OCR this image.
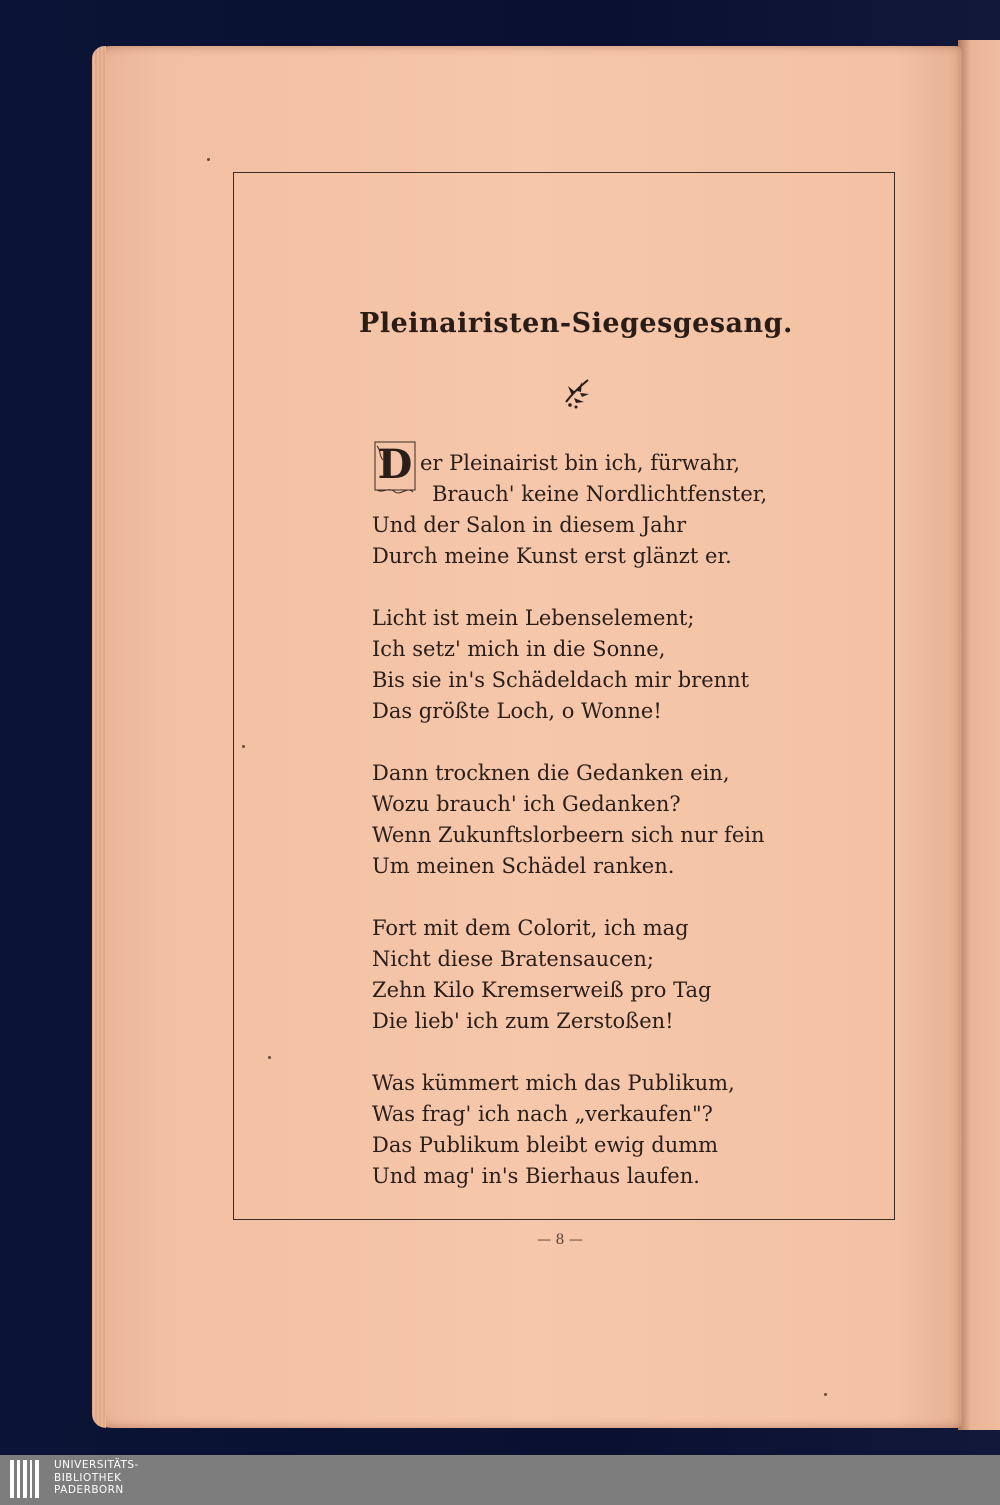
Pleinairisten-Siegesgesang.
D er Pleinairist bin ich, fürwahr,
Brauch' keine Nordlichtfenster,
Und der Salon in diesem Jahr
Durch meine Kunst erst glänzt er.
Licht ist mein Lebenselement;
Ich setz' mich in die Sonne,
Bis sie in's Schädeldach mir brennt
Das größte Loch, o Wonne!
Dann trocknen die Gedanken ein,
Wozu brauch' ich Gedanken?
Wenn Zukunftslorbeern sich nur fein
Um meinen Schädel ranken.
Fort mit dem Colorit, ich mag
Nicht diese Bratensaucen;
Zehn Kilo Kremserweiß pro Tag
Die lieb' ich zum Zerstoßen!
Was kümmert mich das Publikum,
Was frag' ich nach „verkaufen"?
Das Publikum bleibt ewig dumm
Und mag' in's Bierhaus laufen.
— 8 —
UNIVERSITÄTS-
BIBLIOTHEK
PADERBORN
